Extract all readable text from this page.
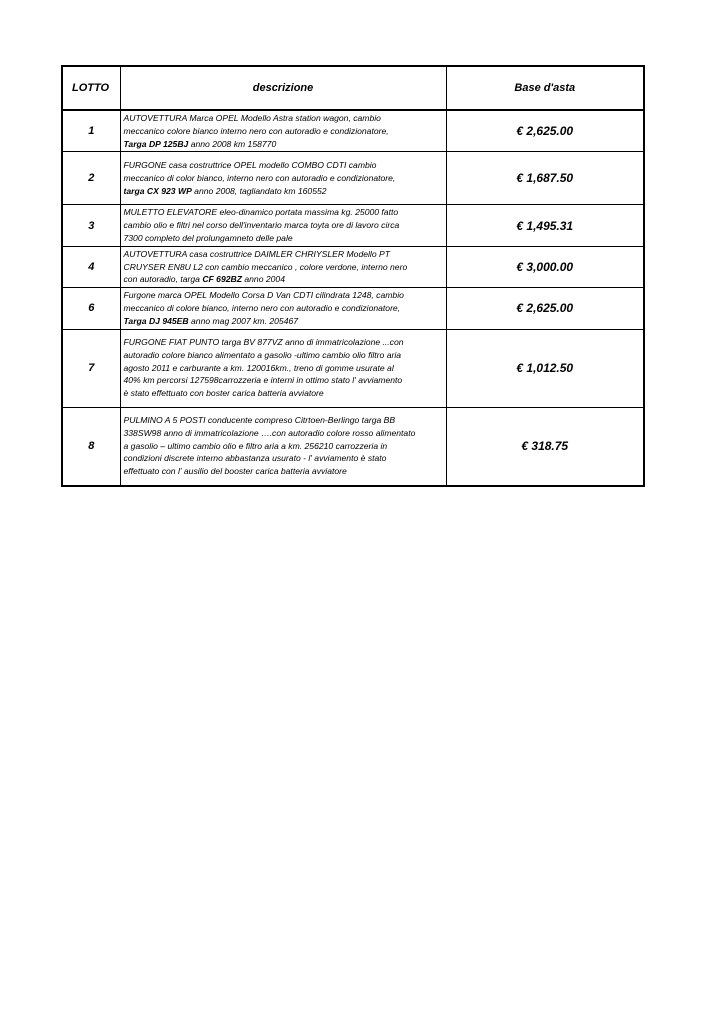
LOTTO	descrizione	Base d'asta
1	AUTOVETTURA Marca OPEL Modello Astra station wagon, cambio
meccanico colore bianco interno nero con autoradio e condizionatore,
Targa DP 125BJ anno 2008 km 158770	€ 2,625.00
2	FURGONE casa costruttrice OPEL modello COMBO CDTI cambio
meccanico di color bianco, interno nero con autoradio e condizionatore,
targa CX 923 WP anno 2008, tagliandato km 160552	€ 1,687.50
3	MULETTO ELEVATORE eleo-dinamico portata massima kg. 25000 fatto
cambio olio e filtri nel corso dell'inventario marca toyta ore di lavoro circa
7300 completo del prolungamneto delle pale	€ 1,495.31
4	AUTOVETTURA casa costruttrice DAIMLER CHRIYSLER Modello PT
CRUYSER EN8U L2 con cambio meccanico , colore verdone, interno nero
con autoradio, targa CF 692BZ anno 2004	€ 3,000.00
6	Furgone marca OPEL Modello Corsa D Van CDTI cilindrata 1248, cambio
meccanico di colore bianco, interno nero con autoradio e condizionatore,
Targa DJ 945EB anno mag 2007 km. 205467	€ 2,625.00
7	FURGONE FIAT PUNTO targa BV 877VZ anno di immatricolazione ...con
autoradio colore bianco alimentato a gasolio -ultimo cambio olio filtro aria
agosto 2011 e carburante a km. 120016km., treno di gomme usurate al
40% km percorsi 127598carrozzeria e interni in ottimo stato l' avviamento
è stato effettuato con boster carica batteria avviatore	€ 1,012.50
8	PULMINO A 5 POSTI conducente compreso Citrtoen-Berlingo targa BB
338SW98 anno di immatricolazione ….con autoradio colore rosso alimentato
a gasolio – ultimo cambio olio e filtro aria a km. 256210 carrozzeria in
condizioni discrete interno abbastanza usurato - l' avviamento è stato
effettuato con l' ausilio del booster carica batteria avviatore	€ 318.75
